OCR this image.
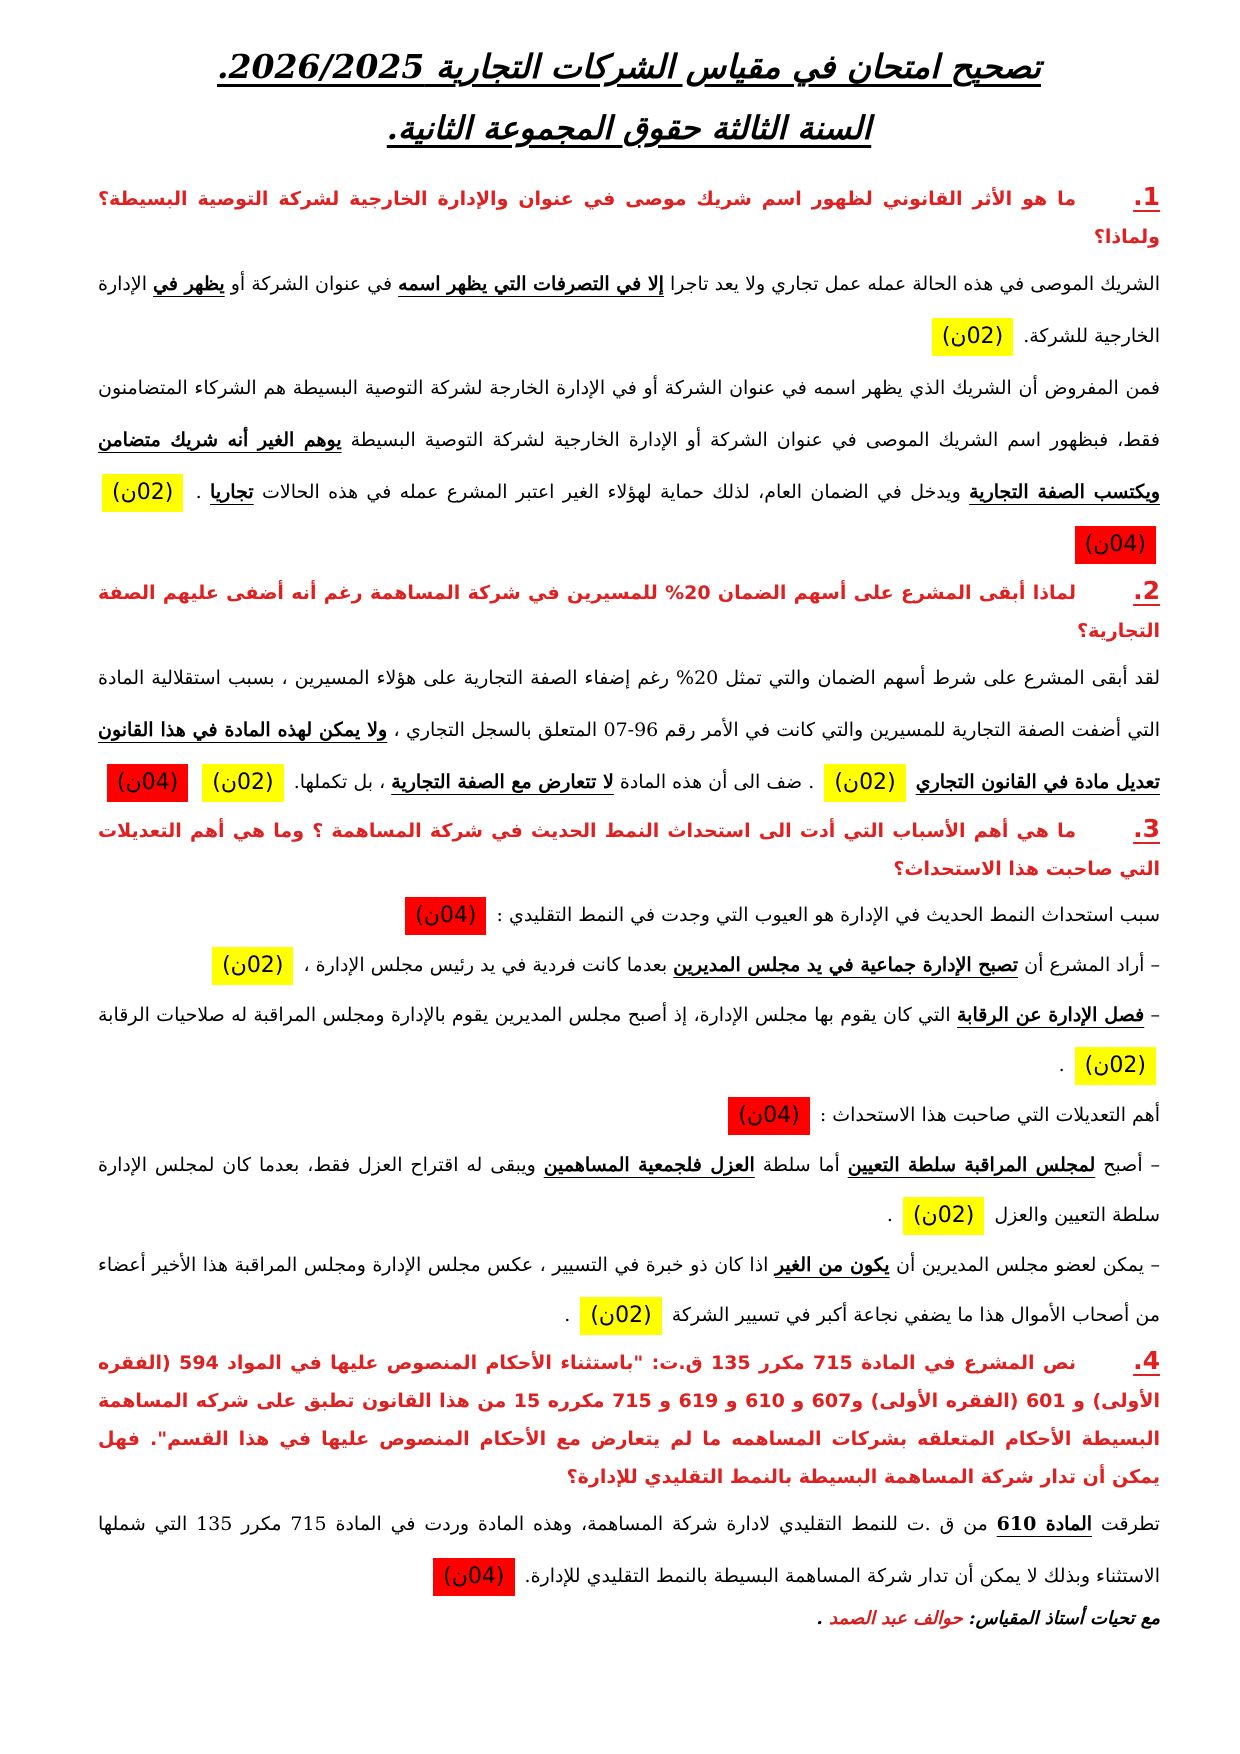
تصحيح امتحان في مقياس الشركات التجارية 2026/2025.
السنة الثالثة حقوق المجموعة الثانية.
1.ما هو الأثر القانوني لظهور اسم شريك موصى في عنوان والإدارة الخارجية لشركة التوصية البسيطة؟ ولماذا؟

الشريك الموصى في هذه الحالة عمله عمل تجاري ولا يعد تاجرا إلا في التصرفات التي يظهر اسمه في عنوان الشركة أو يظهر في الإدارة الخارجية للشركة. (02ن)

فمن المفروض أن الشريك الذي يظهر اسمه في عنوان الشركة أو في الإدارة الخارجة لشركة التوصية البسيطة هم الشركاء المتضامنون فقط، فبظهور اسم الشريك الموصى في عنوان الشركة أو الإدارة الخارجية لشركة التوصية البسيطة يوهم الغير أنه شريك متضامن ويكتسب الصفة التجارية ويدخل في الضمان العام، لذلك حماية لهؤلاء الغير اعتبر المشرع عمله في هذه الحالات تجاريا . (02ن) (04ن)

2.لماذا أبقى المشرع على أسهم الضمان 20% للمسيرين في شركة المساهمة رغم أنه أضفى عليهم الصفة التجارية؟

لقد أبقى المشرع على شرط أسهم الضمان والتي تمثل 20% رغم إضفاء الصفة التجارية على هؤلاء المسيرين ، بسبب استقلالية المادة التي أضفت الصفة التجارية للمسيرين والتي كانت في الأمر رقم 96-07 المتعلق بالسجل التجاري ، ولا يمكن لهذه المادة في هذا القانون تعديل مادة في القانون التجاري (02ن) . ضف الى أن هذه المادة لا تتعارض مع الصفة التجارية ، بل تكملها. (02ن) (04ن)

3.ما هي أهم الأسباب التي أدت الى استحداث النمط الحديث في شركة المساهمة ؟ وما هي أهم التعديلات التي صاحبت هذا الاستحداث؟

سبب استحداث النمط الحديث في الإدارة هو العيوب التي وجدت في النمط التقليدي : (04ن)

– أراد المشرع أن تصبح الإدارة جماعية في يد مجلس المديرين بعدما كانت فردية في يد رئيس مجلس الإدارة ، (02ن)

– فصل الإدارة عن الرقابة التي كان يقوم بها مجلس الإدارة، إذ أصبح مجلس المديرين يقوم بالإدارة ومجلس المراقبة له صلاحيات الرقابة (02ن) .

أهم التعديلات التي صاحبت هذا الاستحداث : (04ن)

– أصبح لمجلس المراقبة سلطة التعيين أما سلطة العزل فلجمعية المساهمين ويبقى له اقتراح العزل فقط، بعدما كان لمجلس الإدارة سلطة التعيين والعزل (02ن) .

– يمكن لعضو مجلس المديرين أن يكون من الغير اذا كان ذو خبرة في التسيير ، عكس مجلس الإدارة ومجلس المراقبة هذا الأخير أعضاء من أصحاب الأموال هذا ما يضفي نجاعة أكبر في تسيير الشركة (02ن) .

4.نص المشرع في المادة 715 مكرر 135 ق.ت: "باستثناء الأحكام المنصوص عليها في المواد 594 (الفقره الأولى) و 601 (الفقره الأولى) و607 و 610 و 619 و 715 مكرره 15 من هذا القانون تطبق على شركه المساهمة البسيطة الأحكام المتعلقه بشركات المساهمه ما لم يتعارض مع الأحكام المنصوص عليها في هذا القسم". فهل يمكن أن تدار شركة المساهمة البسيطة بالنمط التقليدي للإدارة؟

تطرقت المادة 610 من ق .ت للنمط التقليدي لادارة شركة المساهمة، وهذه المادة وردت في المادة 715 مكرر 135 التي شملها الاستثناء وبذلك لا يمكن أن تدار شركة المساهمة البسيطة بالنمط التقليدي للإدارة. (04ن)

مع تحيات أستاذ المقياس: حوالف عبد الصمد .
